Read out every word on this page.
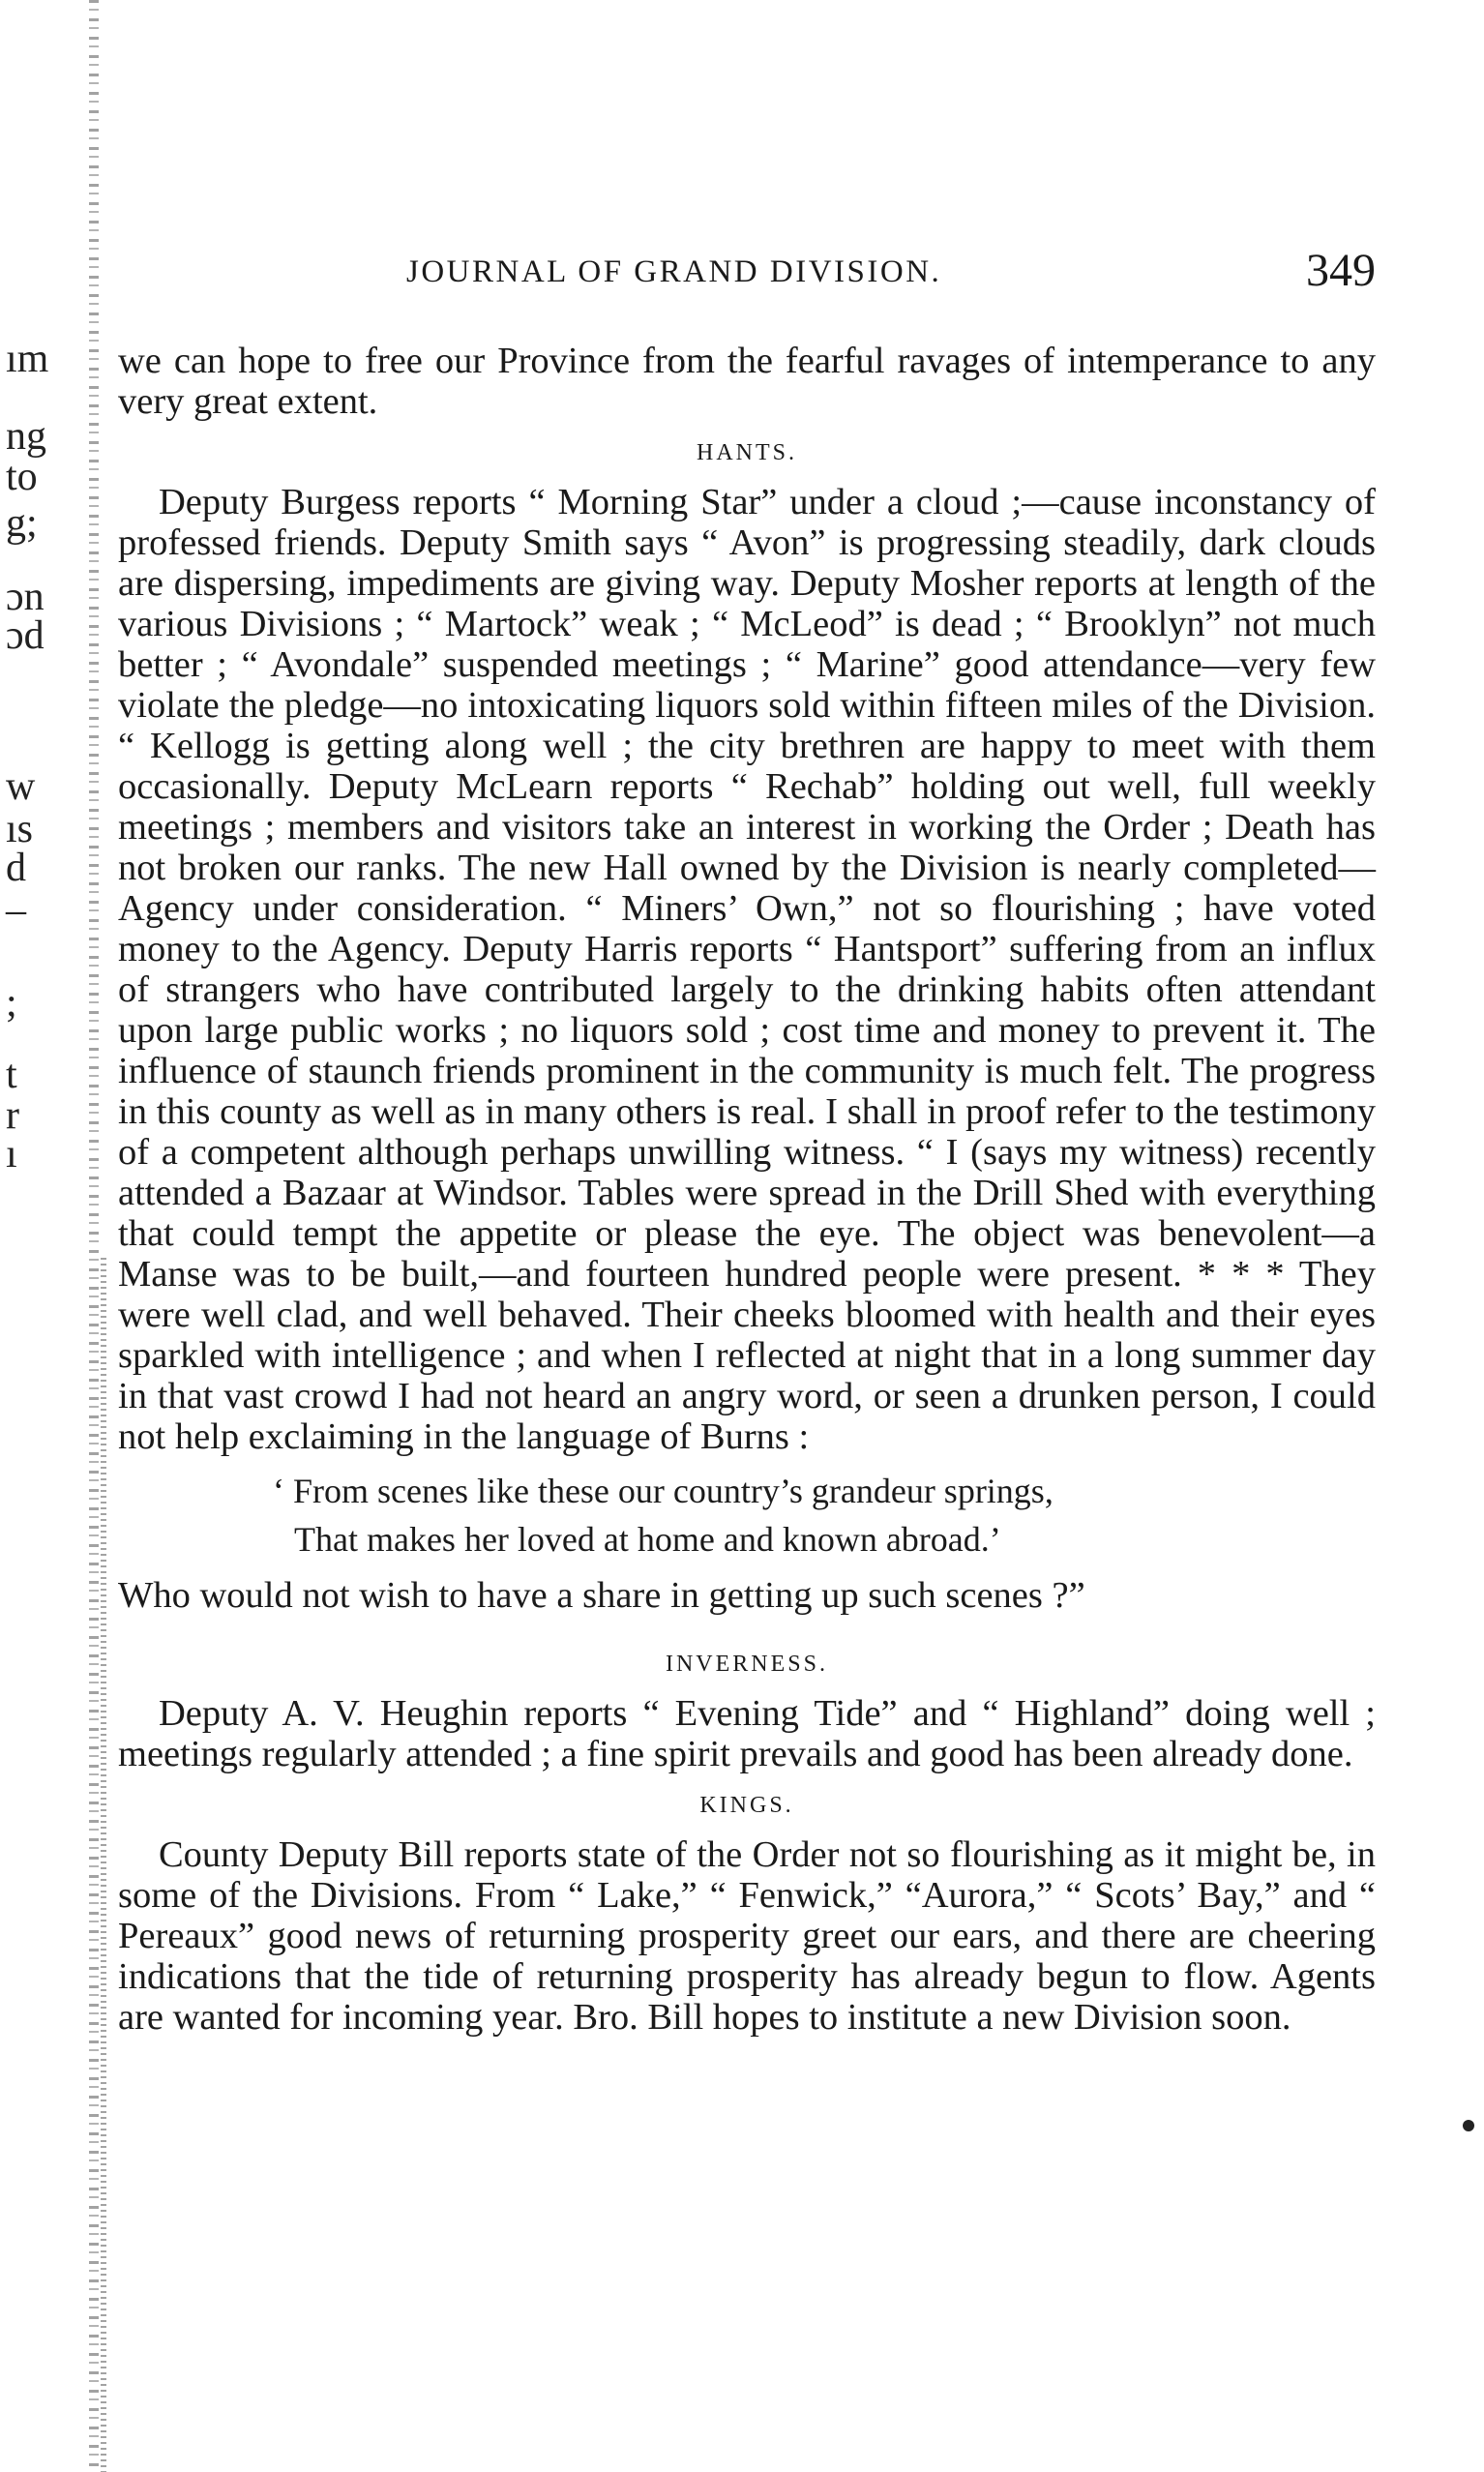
ım
ng
to
g;
ɔn
ɔd
w
ıs
d
–
;
t
r
ı
JOURNAL OF GRAND DIVISION.	349

we can hope to free our Province from the fearful ravages of intemperance to any very great extent.

HANTS.

Deputy Burgess reports “ Morning Star” under a cloud ;—cause inconstancy of professed friends. Deputy Smith says “ Avon” is progressing steadily, dark clouds are dispersing, impediments are giving way. Deputy Mosher reports at length of the various Divisions ; “ Martock” weak ; “ McLeod” is dead ; “ Brooklyn” not much better ; “ Avondale” suspended meetings ; “ Marine” good attendance—very few violate the pledge—no intoxicating liquors sold within fifteen miles of the Division. “ Kellogg is getting along well ; the city brethren are happy to meet with them occasionally. Deputy McLearn reports “ Rechab” holding out well, full weekly meetings ; members and visitors take an interest in working the Order ; Death has not broken our ranks. The new Hall owned by the Division is nearly completed—Agency under consideration. “ Miners’ Own,” not so flourishing ; have voted money to the Agency. Deputy Harris reports “ Hantsport” suffering from an influx of strangers who have contributed largely to the drinking habits often attendant upon large public works ; no liquors sold ; cost time and money to prevent it. The influence of staunch friends prominent in the community is much felt. The progress in this county as well as in many others is real. I shall in proof refer to the testimony of a competent although perhaps unwilling witness. “ I (says my witness) recently attended a Bazaar at Windsor. Tables were spread in the Drill Shed with everything that could tempt the appetite or please the eye. The object was benevolent—a Manse was to be built,—and fourteen hundred people were present. * * * They were well clad, and well behaved. Their cheeks bloomed with health and their eyes sparkled with intelligence ; and when I reflected at night that in a long summer day in that vast crowd I had not heard an angry word, or seen a drunken person, I could not help exclaiming in the language of Burns :

‘ From scenes like these our country’s grandeur springs,
That makes her loved at home and known abroad.’

Who would not wish to have a share in getting up such scenes ?”

INVERNESS.

Deputy A. V. Heughin reports “ Evening Tide” and “ Highland” doing well ; meetings regularly attended ; a fine spirit prevails and good has been already done.

KINGS.

County Deputy Bill reports state of the Order not so flourishing as it might be, in some of the Divisions. From “ Lake,” “ Fenwick,” “Aurora,” “ Scots’ Bay,” and “ Pereaux” good news of returning prosperity greet our ears, and there are cheering indications that the tide of returning prosperity has already begun to flow. Agents are wanted for incoming year. Bro. Bill hopes to institute a new Division soon.
